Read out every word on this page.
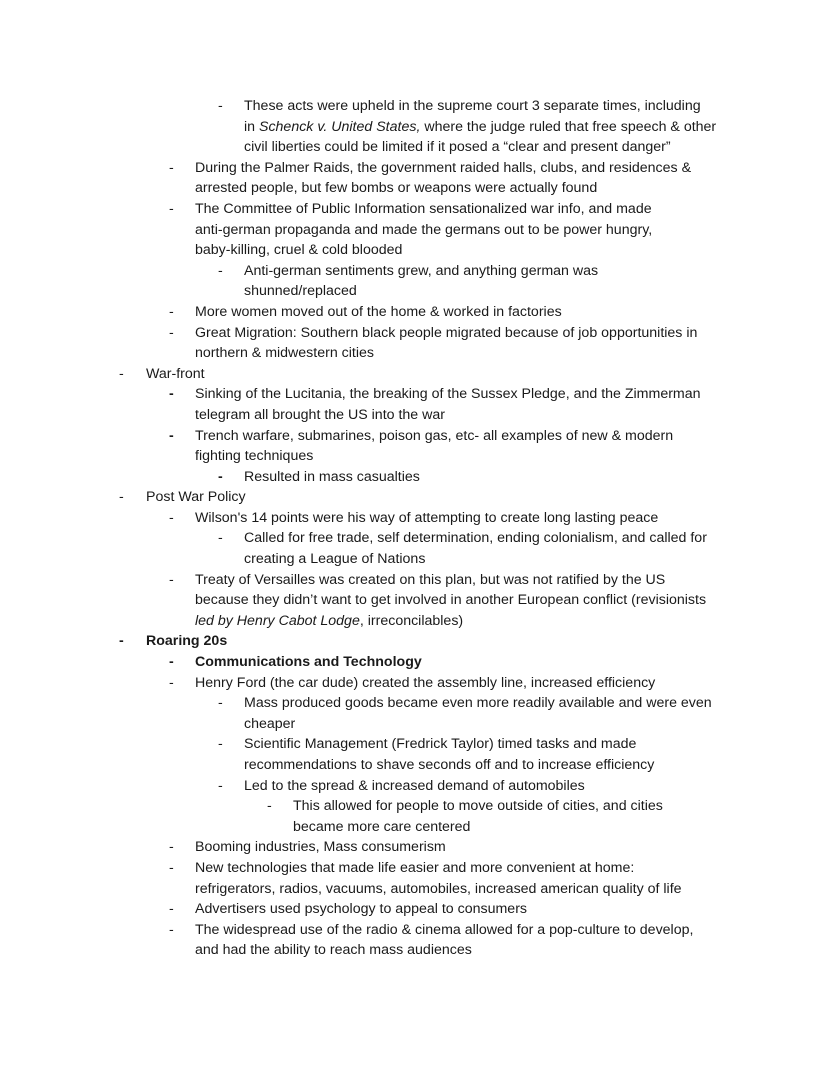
- These acts were upheld in the supreme court 3 separate times, including
in Schenck v. United States, where the judge ruled that free speech & other
civil liberties could be limited if it posed a “clear and present danger”
- During the Palmer Raids, the government raided halls, clubs, and residences &
arrested people, but few bombs or weapons were actually found
- The Committee of Public Information sensationalized war info, and made
anti-german propaganda and made the germans out to be power hungry,
baby-killing, cruel & cold blooded
- Anti-german sentiments grew, and anything german was
shunned/replaced
- More women moved out of the home & worked in factories
- Great Migration: Southern black people migrated because of job opportunities in
northern & midwestern cities
- War-front
- Sinking of the Lucitania, the breaking of the Sussex Pledge, and the Zimmerman
telegram all brought the US into the war
- Trench warfare, submarines, poison gas, etc- all examples of new & modern
fighting techniques
- Resulted in mass casualties
- Post War Policy
- Wilson's 14 points were his way of attempting to create long lasting peace
- Called for free trade, self determination, ending colonialism, and called for
creating a League of Nations
- Treaty of Versailles was created on this plan, but was not ratified by the US
because they didn’t want to get involved in another European conflict (revisionists
led by Henry Cabot Lodge, irreconcilables)
- Roaring 20s
- Communications and Technology
- Henry Ford (the car dude) created the assembly line, increased efficiency
- Mass produced goods became even more readily available and were even
cheaper
- Scientific Management (Fredrick Taylor) timed tasks and made
recommendations to shave seconds off and to increase efficiency
- Led to the spread & increased demand of automobiles
- This allowed for people to move outside of cities, and cities
became more care centered
- Booming industries, Mass consumerism
- New technologies that made life easier and more convenient at home:
refrigerators, radios, vacuums, automobiles, increased american quality of life
- Advertisers used psychology to appeal to consumers
- The widespread use of the radio & cinema allowed for a pop-culture to develop,
and had the ability to reach mass audiences
